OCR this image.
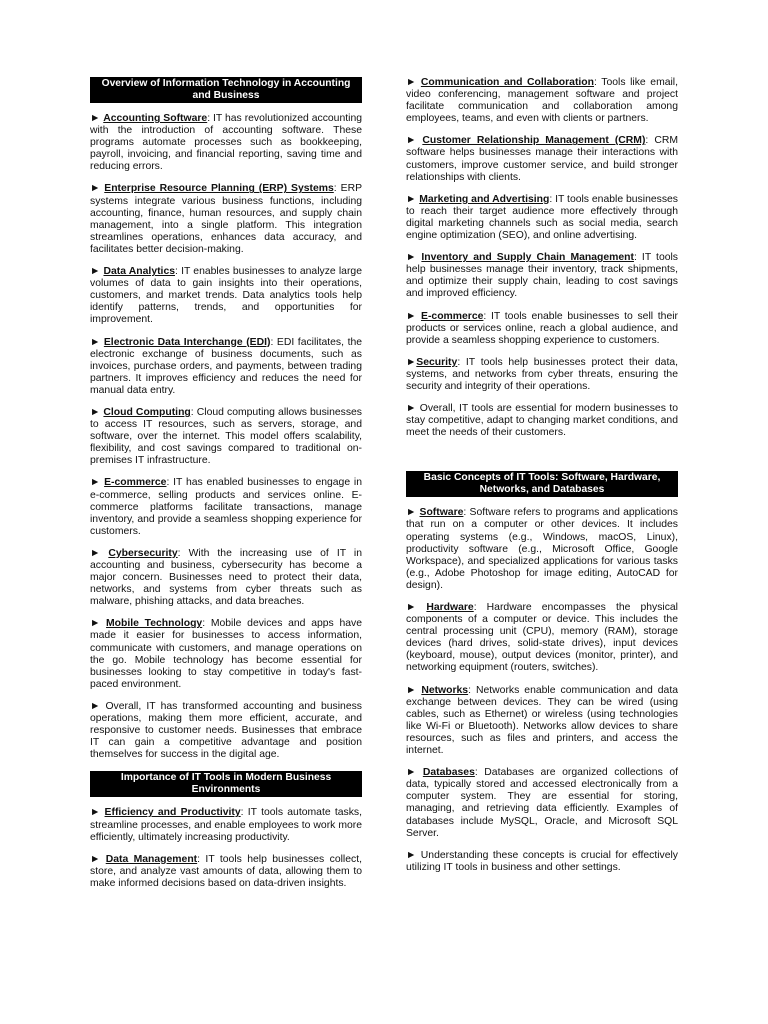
Overview of Information Technology in Accounting and Business

► Accounting Software: IT has revolutionized accounting with the introduction of accounting software. These programs automate processes such as bookkeeping, payroll, invoicing, and financial reporting, saving time and reducing errors.

► Enterprise Resource Planning (ERP) Systems: ERP systems integrate various business functions, including accounting, finance, human resources, and supply chain management, into a single platform. This integration streamlines operations, enhances data accuracy, and facilitates better decision-making.

► Data Analytics: IT enables businesses to analyze large volumes of data to gain insights into their operations, customers, and market trends. Data analytics tools help identify patterns, trends, and opportunities for improvement.

► Electronic Data Interchange (EDI): EDI facilitates, the electronic exchange of business documents, such as invoices, purchase orders, and payments, between trading partners. It improves efficiency and reduces the need for manual data entry.

► Cloud Computing: Cloud computing allows businesses to access IT resources, such as servers, storage, and software, over the internet. This model offers scalability, flexibility, and cost savings compared to traditional on-premises IT infrastructure.

► E-commerce: IT has enabled businesses to engage in e-commerce, selling products and services online. E-commerce platforms facilitate transactions, manage inventory, and provide a seamless shopping experience for customers.

► Cybersecurity: With the increasing use of IT in accounting and business, cybersecurity has become a major concern. Businesses need to protect their data, networks, and systems from cyber threats such as malware, phishing attacks, and data breaches.

► Mobile Technology: Mobile devices and apps have made it easier for businesses to access information, communicate with customers, and manage operations on the go. Mobile technology has become essential for businesses looking to stay competitive in today's fast-paced environment.

► Overall, IT has transformed accounting and business operations, making them more efficient, accurate, and responsive to customer needs. Businesses that embrace IT can gain a competitive advantage and position themselves for success in the digital age.

Importance of IT Tools in Modern Business Environments

► Efficiency and Productivity: IT tools automate tasks, streamline processes, and enable employees to work more efficiently, ultimately increasing productivity.

► Data Management: IT tools help businesses collect, store, and analyze vast amounts of data, allowing them to make informed decisions based on data-driven insights.

► Communication and Collaboration: Tools like email, video conferencing, management software and project facilitate communication and collaboration among employees, teams, and even with clients or partners.

► Customer Relationship Management (CRM): CRM software helps businesses manage their interactions with customers, improve customer service, and build stronger relationships with clients.

► Marketing and Advertising: IT tools enable businesses to reach their target audience more effectively through digital marketing channels such as social media, search engine optimization (SEO), and online advertising.

► Inventory and Supply Chain Management: IT tools help businesses manage their inventory, track shipments, and optimize their supply chain, leading to cost savings and improved efficiency.

► E-commerce: IT tools enable businesses to sell their products or services online, reach a global audience, and provide a seamless shopping experience to customers.

►Security: IT tools help businesses protect their data, systems, and networks from cyber threats, ensuring the security and integrity of their operations.

► Overall, IT tools are essential for modern businesses to stay competitive, adapt to changing market conditions, and meet the needs of their customers.

Basic Concepts of IT Tools: Software, Hardware, Networks, and Databases

► Software: Software refers to programs and applications that run on a computer or other devices. It includes operating systems (e.g., Windows, macOS, Linux), productivity software (e.g., Microsoft Office, Google Workspace), and specialized applications for various tasks (e.g., Adobe Photoshop for image editing, AutoCAD for design).

► Hardware: Hardware encompasses the physical components of a computer or device. This includes the central processing unit (CPU), memory (RAM), storage devices (hard drives, solid-state drives), input devices (keyboard, mouse), output devices (monitor, printer), and networking equipment (routers, switches).

► Networks: Networks enable communication and data exchange between devices. They can be wired (using cables, such as Ethernet) or wireless (using technologies like Wi-Fi or Bluetooth). Networks allow devices to share resources, such as files and printers, and access the internet.

► Databases: Databases are organized collections of data, typically stored and accessed electronically from a computer system. They are essential for storing, managing, and retrieving data efficiently. Examples of databases include MySQL, Oracle, and Microsoft SQL Server.

► Understanding these concepts is crucial for effectively utilizing IT tools in business and other settings.
